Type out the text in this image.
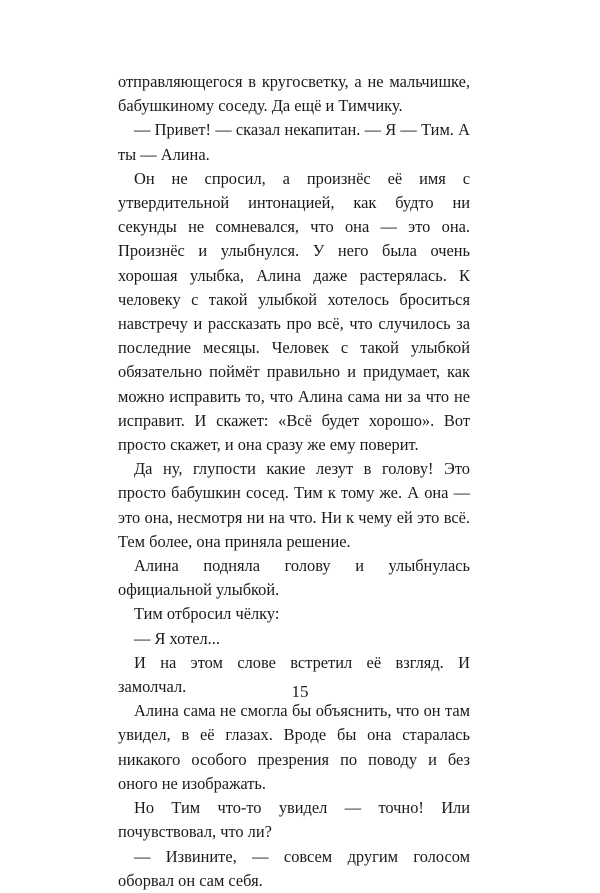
отправляющегося в кругосветку, а не мальчишке, бабушкиному соседу. Да ещё и Тимчику.

— Привет! — сказал некапитан. — Я — Тим. А ты — Алина.

Он не спросил, а произнёс её имя с утвердительной интонацией, как будто ни секунды не сомневался, что она — это она. Произнёс и улыбнулся. У него была очень хорошая улыбка, Алина даже растерялась. К человеку с такой улыбкой хотелось броситься навстречу и рассказать про всё, что случилось за последние месяцы. Человек с такой улыбкой обязательно поймёт правильно и придумает, как можно исправить то, что Алина сама ни за что не исправит. И скажет: «Всё будет хорошо». Вот просто скажет, и она сразу же ему поверит.

Да ну, глупости какие лезут в голову! Это просто бабушкин сосед. Тим к тому же. А она — это она, несмотря ни на что. Ни к чему ей это всё. Тем более, она приняла решение.

Алина подняла голову и улыбнулась официальной улыбкой.

Тим отбросил чёлку:

— Я хотел...

И на этом слове встретил её взгляд. И замолчал.

Алина сама не смогла бы объяснить, что он там увидел, в её глазах. Вроде бы она старалась никакого особого презрения по поводу и без оного не изображать.

Но Тим что-то увидел — точно! Или почувствовал, что ли?

— Извините, — совсем другим голосом оборвал он сам себя.

15
